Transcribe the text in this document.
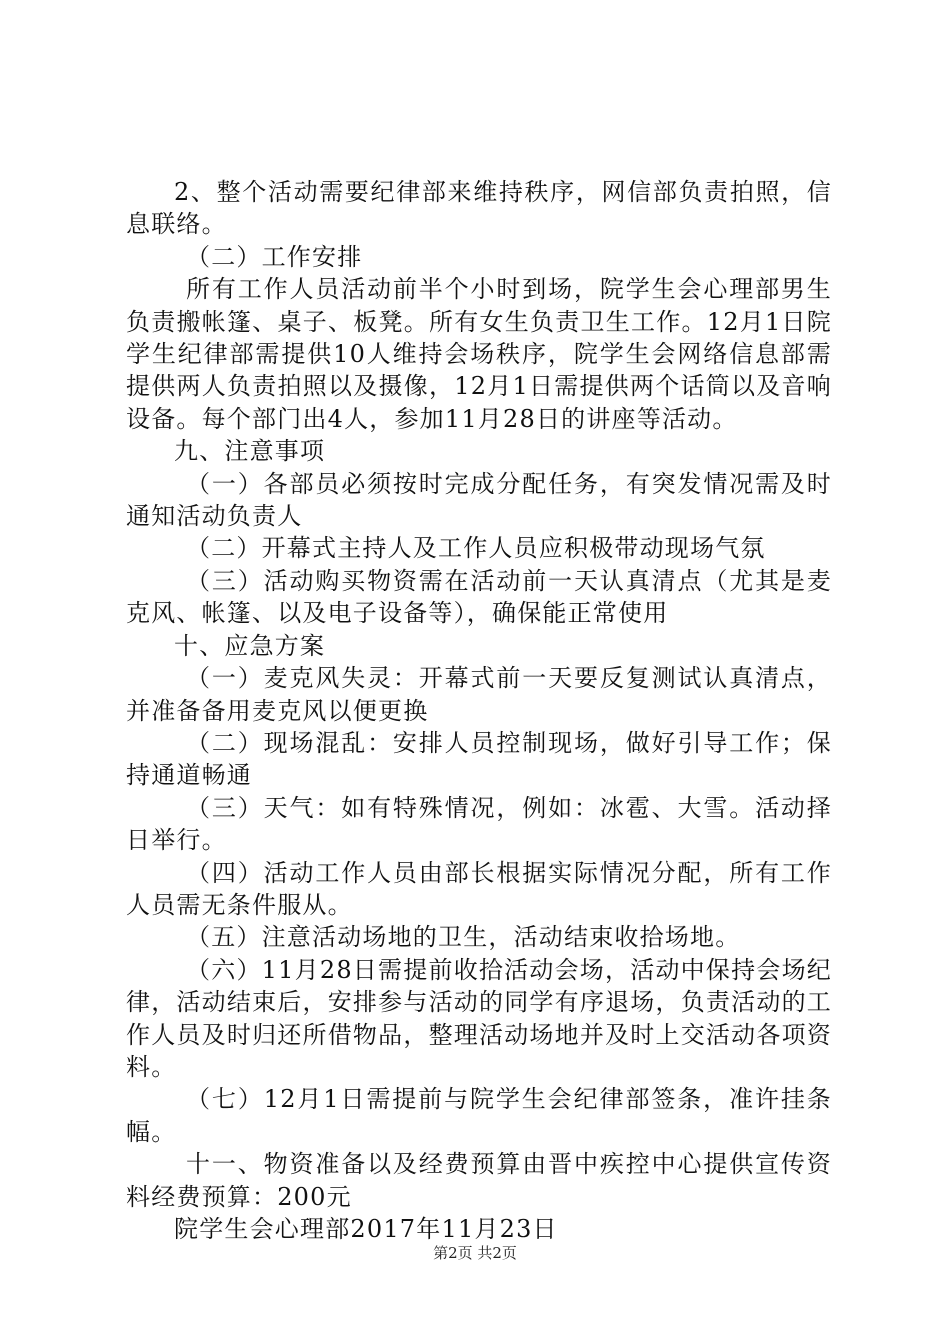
2、整个活动需要纪律部来维持秩序，网信部负责拍照，信息联络。

（二）工作安排

所有工作人员活动前半个小时到场，院学生会心理部男生负责搬帐篷、桌子、板凳。所有女生负责卫生工作。12月1日院学生纪律部需提供10人维持会场秩序，院学生会网络信息部需提供两人负责拍照以及摄像，12月1日需提供两个话筒以及音响设备。每个部门出4人，参加11月28日的讲座等活动。

九、注意事项

（一）各部员必须按时完成分配任务，有突发情况需及时通知活动负责人

（二）开幕式主持人及工作人员应积极带动现场气氛

（三）活动购买物资需在活动前一天认真清点（尤其是麦克风、帐篷、以及电子设备等），确保能正常使用

十、应急方案

（一）麦克风失灵：开幕式前一天要反复测试认真清点，并准备备用麦克风以便更换

（二）现场混乱：安排人员控制现场，做好引导工作；保持通道畅通

（三）天气：如有特殊情况，例如：冰雹、大雪。活动择日举行。

（四）活动工作人员由部长根据实际情况分配，所有工作人员需无条件服从。

（五）注意活动场地的卫生，活动结束收拾场地。

（六）11月28日需提前收拾活动会场，活动中保持会场纪律，活动结束后，安排参与活动的同学有序退场，负责活动的工作人员及时归还所借物品，整理活动场地并及时上交活动各项资料。

（七）12月1日需提前与院学生会纪律部签条，准许挂条幅。

十一、物资准备以及经费预算由晋中疾控中心提供宣传资料经费预算：200元

院学生会心理部2017年11月23日

第2页 共2页
